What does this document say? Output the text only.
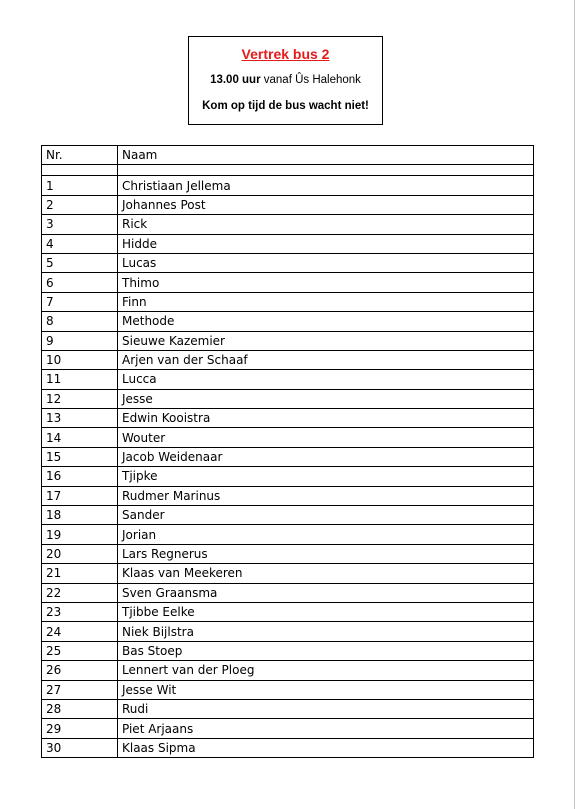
Vertrek bus 2
13.00 uur vanaf Ûs Halehonk
Kom op tijd de bus wacht niet!
Nr.	Naam

1	Christiaan Jellema
2	Johannes Post
3	Rick
4	Hidde
5	Lucas
6	Thimo
7	Finn
8	Methode
9	Sieuwe Kazemier
10	Arjen van der Schaaf
11	Lucca
12	Jesse
13	Edwin Kooistra
14	Wouter
15	Jacob Weidenaar
16	Tjipke
17	Rudmer Marinus
18	Sander
19	Jorian
20	Lars Regnerus
21	Klaas van Meekeren
22	Sven Graansma
23	Tjibbe Eelke
24	Niek Bijlstra
25	Bas Stoep
26	Lennert van der Ploeg
27	Jesse Wit
28	Rudi
29	Piet Arjaans
30	Klaas Sipma
